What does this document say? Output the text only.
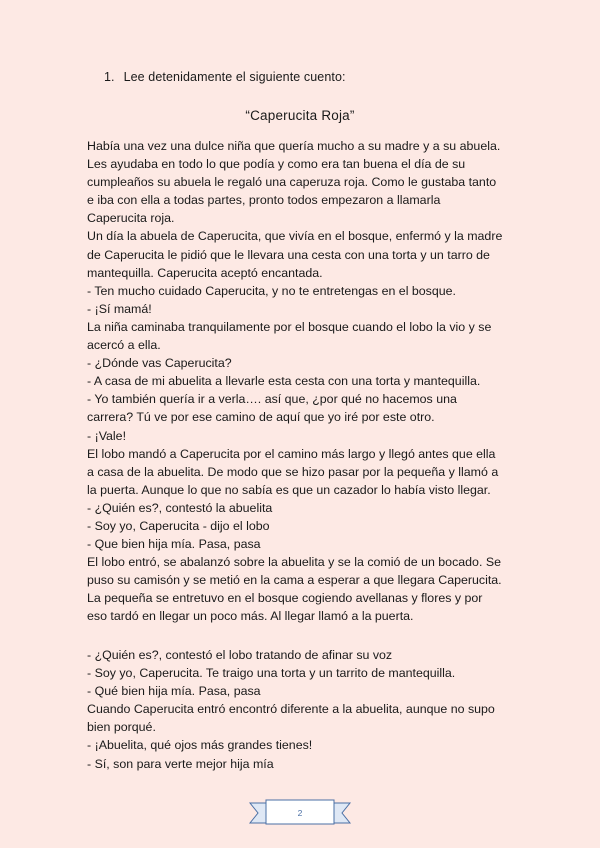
1. Lee detenidamente el siguiente cuento:
“Caperucita Roja”
Había una vez una dulce niña que quería mucho a su madre y a su abuela.
Les ayudaba en todo lo que podía y como era tan buena el día de su
cumpleaños su abuela le regaló una caperuza roja. Como le gustaba tanto
e iba con ella a todas partes, pronto todos empezaron a llamarla
Caperucita roja.
Un día la abuela de Caperucita, que vivía en el bosque, enfermó y la madre
de Caperucita le pidió que le llevara una cesta con una torta y un tarro de
mantequilla. Caperucita aceptó encantada.
- Ten mucho cuidado Caperucita, y no te entretengas en el bosque.
- ¡Sí mamá!
La niña caminaba tranquilamente por el bosque cuando el lobo la vio y se
acercó a ella.
- ¿Dónde vas Caperucita?
- A casa de mi abuelita a llevarle esta cesta con una torta y mantequilla.
- Yo también quería ir a verla…. así que, ¿por qué no hacemos una
carrera? Tú ve por ese camino de aquí que yo iré por este otro.
- ¡Vale!
El lobo mandó a Caperucita por el camino más largo y llegó antes que ella
a casa de la abuelita. De modo que se hizo pasar por la pequeña y llamó a
la puerta. Aunque lo que no sabía es que un cazador lo había visto llegar.
- ¿Quién es?, contestó la abuelita
- Soy yo, Caperucita - dijo el lobo
- Que bien hija mía. Pasa, pasa
El lobo entró, se abalanzó sobre la abuelita y se la comió de un bocado. Se
puso su camisón y se metió en la cama a esperar a que llegara Caperucita.
La pequeña se entretuvo en el bosque cogiendo avellanas y flores y por
eso tardó en llegar un poco más. Al llegar llamó a la puerta.
- ¿Quién es?, contestó el lobo tratando de afinar su voz
- Soy yo, Caperucita. Te traigo una torta y un tarrito de mantequilla.
- Qué bien hija mía. Pasa, pasa
Cuando Caperucita entró encontró diferente a la abuelita, aunque no supo
bien porqué.
- ¡Abuelita, qué ojos más grandes tienes!
- Sí, son para verte mejor hija mía
2
